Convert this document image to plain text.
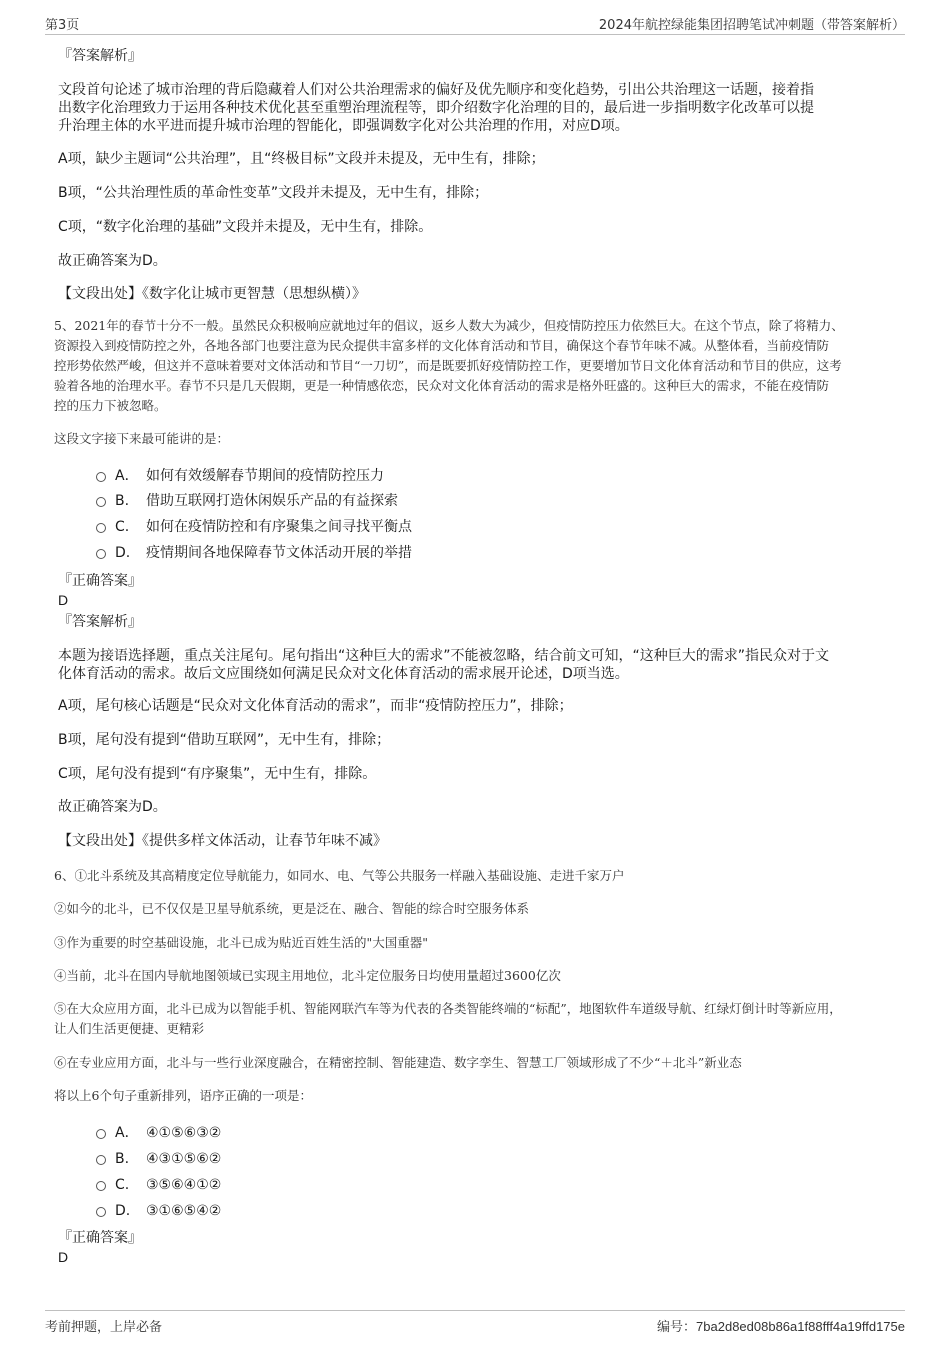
第3页	2024年航控绿能集团招聘笔试冲刺题（带答案解析）
『答案解析』
文段首句论述了城市治理的背后隐藏着人们对公共治理需求的偏好及优先顺序和变化趋势，引出公共治理这一话题，接着指
出数字化治理致力于运用各种技术优化甚至重塑治理流程等，即介绍数字化治理的目的，最后进一步指明数字化改革可以提
升治理主体的水平进而提升城市治理的智能化，即强调数字化对公共治理的作用，对应D项。
A项，缺少主题词“公共治理”，且“终极目标”文段并未提及，无中生有，排除；
B项，“公共治理性质的革命性变革”文段并未提及，无中生有，排除；
C项，“数字化治理的基础”文段并未提及，无中生有，排除。
故正确答案为D。
【文段出处】《数字化让城市更智慧（思想纵横）》
5、2021年的春节十分不一般。虽然民众积极响应就地过年的倡议，返乡人数大为减少，但疫情防控压力依然巨大。在这个节点，除了将精力、
资源投入到疫情防控之外，各地各部门也要注意为民众提供丰富多样的文化体育活动和节目，确保这个春节年味不减。从整体看，当前疫情防
控形势依然严峻，但这并不意味着要对文体活动和节目“一刀切”，而是既要抓好疫情防控工作，更要增加节日文化体育活动和节目的供应，这考
验着各地的治理水平。春节不只是几天假期，更是一种情感依恋，民众对文化体育活动的需求是格外旺盛的。这种巨大的需求，不能在疫情防
控的压力下被忽略。
这段文字接下来最可能讲的是：
A． 如何有效缓解春节期间的疫情防控压力
B. 借助互联网打造休闲娱乐产品的有益探索
C. 如何在疫情防控和有序聚集之间寻找平衡点
D. 疫情期间各地保障春节文体活动开展的举措
『正确答案』
D
『答案解析』
本题为接语选择题，重点关注尾句。尾句指出“这种巨大的需求”不能被忽略，结合前文可知，“这种巨大的需求”指民众对于文
化体育活动的需求。故后文应围绕如何满足民众对文化体育活动的需求展开论述，D项当选。
A项，尾句核心话题是“民众对文化体育活动的需求”，而非“疫情防控压力”，排除；
B项，尾句没有提到“借助互联网”，无中生有，排除；
C项，尾句没有提到“有序聚集”，无中生有，排除。
故正确答案为D。
【文段出处】《提供多样文体活动，让春节年味不减》
6、①北斗系统及其高精度定位导航能力，如同水、电、气等公共服务一样融入基础设施、走进千家万户
②如今的北斗，已不仅仅是卫星导航系统，更是泛在、融合、智能的综合时空服务体系
③作为重要的时空基础设施，北斗已成为贴近百姓生活的"大国重器"
④当前，北斗在国内导航地图领域已实现主用地位，北斗定位服务日均使用量超过3600亿次
⑤在大众应用方面，北斗已成为以智能手机、智能网联汽车等为代表的各类智能终端的“标配”，地图软件车道级导航、红绿灯倒计时等新应用，
让人们生活更便捷、更精彩
⑥在专业应用方面，北斗与一些行业深度融合，在精密控制、智能建造、数字孪生、智慧工厂领域形成了不少“＋北斗”新业态
将以上6个句子重新排列，语序正确的一项是：
A． ④①⑤⑥③②
B. ④③①⑤⑥②
C. ③⑤⑥④①②
D. ③①⑥⑤④②
『正确答案』
D
考前押题，上岸必备	编号：7ba2d8ed08b86a1f88fff4a19ffd175e
